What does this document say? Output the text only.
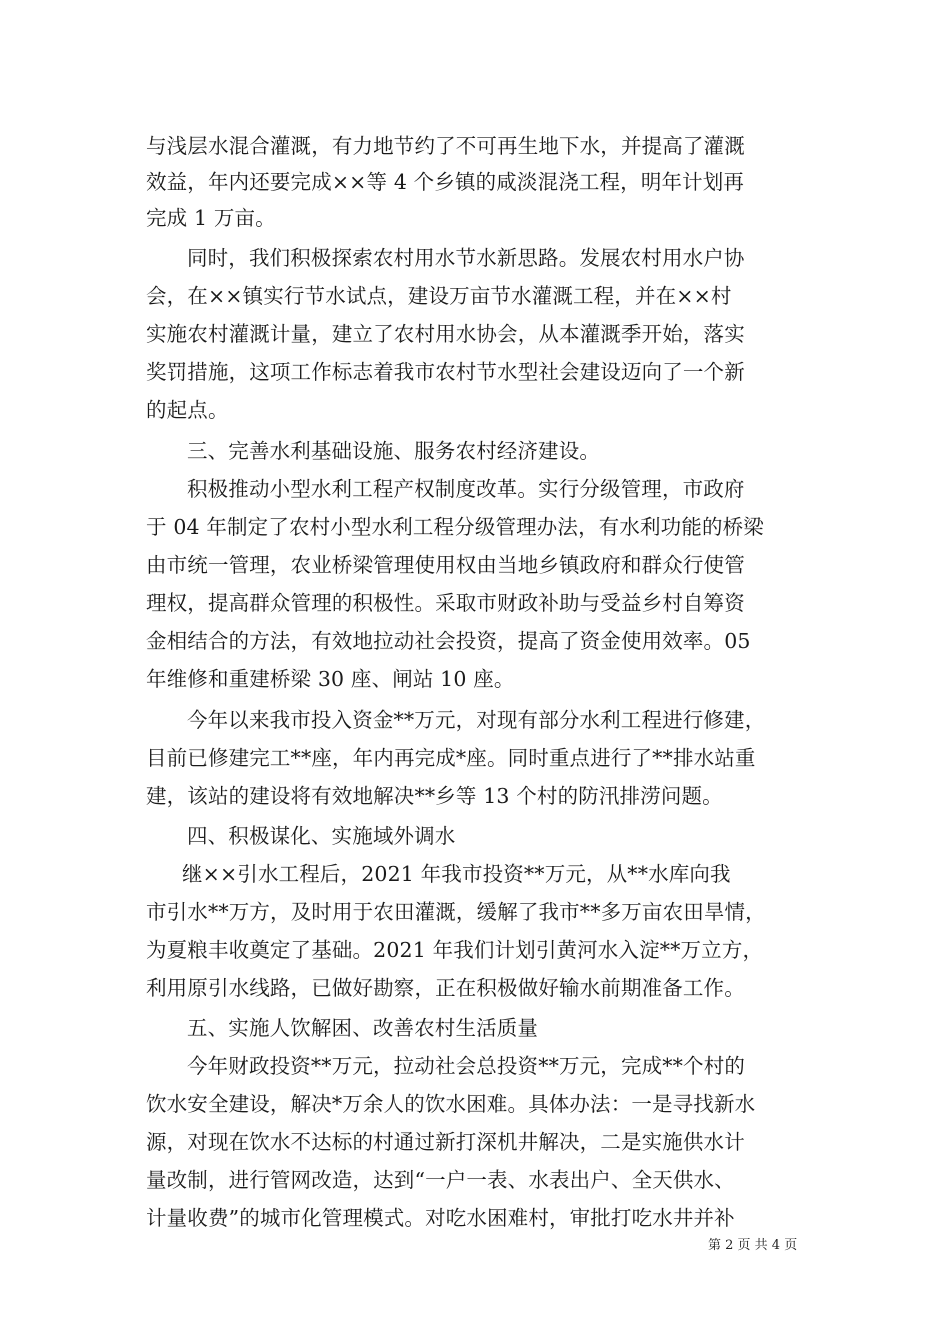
与浅层水混合灌溉，有力地节约了不可再生地下水，并提高了灌溉
效益，年内还要完成××等 4 个乡镇的咸淡混浇工程，明年计划再
完成 1 万亩。
同时，我们积极探索农村用水节水新思路。发展农村用水户协
会，在××镇实行节水试点，建设万亩节水灌溉工程，并在××村
实施农村灌溉计量，建立了农村用水协会，从本灌溉季开始，落实
奖罚措施，这项工作标志着我市农村节水型社会建设迈向了一个新
的起点。
三、完善水利基础设施、服务农村经济建设。
积极推动小型水利工程产权制度改革。实行分级管理，市政府
于 04 年制定了农村小型水利工程分级管理办法，有水利功能的桥梁
由市统一管理，农业桥梁管理使用权由当地乡镇政府和群众行使管
理权，提高群众管理的积极性。采取市财政补助与受益乡村自筹资
金相结合的方法，有效地拉动社会投资，提高了资金使用效率。05
年维修和重建桥梁 30 座、闸站 10 座。
今年以来我市投入资金**万元，对现有部分水利工程进行修建，
目前已修建完工**座，年内再完成*座。同时重点进行了**排水站重
建，该站的建设将有效地解决**乡等 13 个村的防汛排涝问题。
四、积极谋化、实施域外调水
继××引水工程后，2021 年我市投资**万元，从**水库向我
市引水**万方，及时用于农田灌溉，缓解了我市**多万亩农田旱情，
为夏粮丰收奠定了基础。2021 年我们计划引黄河水入淀**万立方，
利用原引水线路，已做好勘察，正在积极做好输水前期准备工作。
五、实施人饮解困、改善农村生活质量
今年财政投资**万元，拉动社会总投资**万元，完成**个村的
饮水安全建设，解决*万余人的饮水困难。具体办法：一是寻找新水
源，对现在饮水不达标的村通过新打深机井解决，二是实施供水计
量改制，进行管网改造，达到“一户一表、水表出户、全天供水、
计量收费”的城市化管理模式。对吃水困难村，审批打吃水井并补
第 2 页 共 4 页
